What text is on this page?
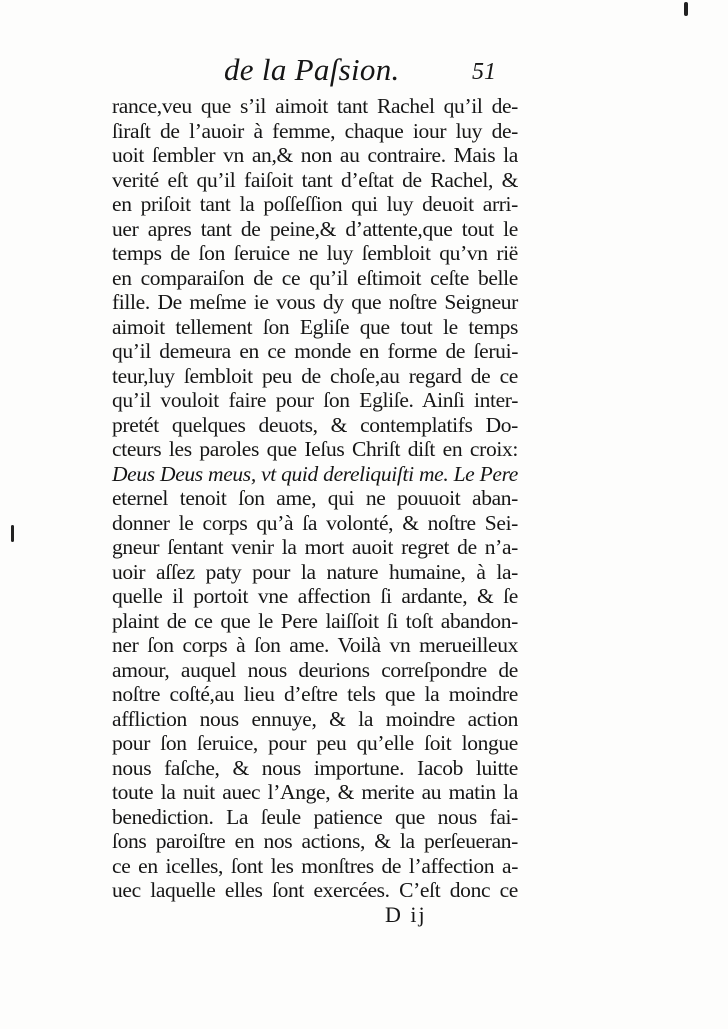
de la Paſsion.	51
rance,veu que s’il aimoit tant Rachel qu’il de-
ſiraſt de l’auoir à femme, chaque iour luy de-
uoit ſembler vn an,& non au contraire. Mais la
verité eſt qu’il faiſoit tant d’eſtat de Rachel, &
en priſoit tant la poſſeſſion qui luy deuoit arri-
uer apres tant de peine,& d’attente,que tout le
temps de ſon ſeruice ne luy ſembloit qu’vn rië
en comparaiſon de ce qu’il eſtimoit ceſte belle
fille. De meſme ie vous dy que noſtre Seigneur
aimoit tellement ſon Egliſe que tout le temps
qu’il demeura en ce monde en forme de ſerui-
teur,luy ſembloit peu de choſe,au regard de ce
qu’il vouloit faire pour ſon Egliſe. Ainſi inter-
pretét quelques deuots, & contemplatifs Do-
cteurs les paroles que Ieſus Chriſt diſt en croix:
Deus Deus meus, vt quid dereliquiſti me. Le Pere
eternel tenoit ſon ame, qui ne pouuoit aban-
donner le corps qu’à ſa volonté, & noſtre Sei-
gneur ſentant venir la mort auoit regret de n’a-
uoir aſſez paty pour la nature humaine, à la-
quelle il portoit vne affection ſi ardante, & ſe
plaint de ce que le Pere laiſſoit ſi toſt abandon-
ner ſon corps à ſon ame. Voilà vn merueilleux
amour, auquel nous deurions correſpondre de
noſtre coſté,au lieu d’eſtre tels que la moindre
affliction nous ennuye, & la moindre action
pour ſon ſeruice, pour peu qu’elle ſoit longue
nous faſche, & nous importune. Iacob luitte
toute la nuit auec l’Ange, & merite au matin la
benediction. La ſeule patience que nous fai-
ſons paroiſtre en nos actions, & la perſeueran-
ce en icelles, ſont les monſtres de l’affection a-
uec laquelle elles ſont exercées. C’eſt donc ce
D ij
